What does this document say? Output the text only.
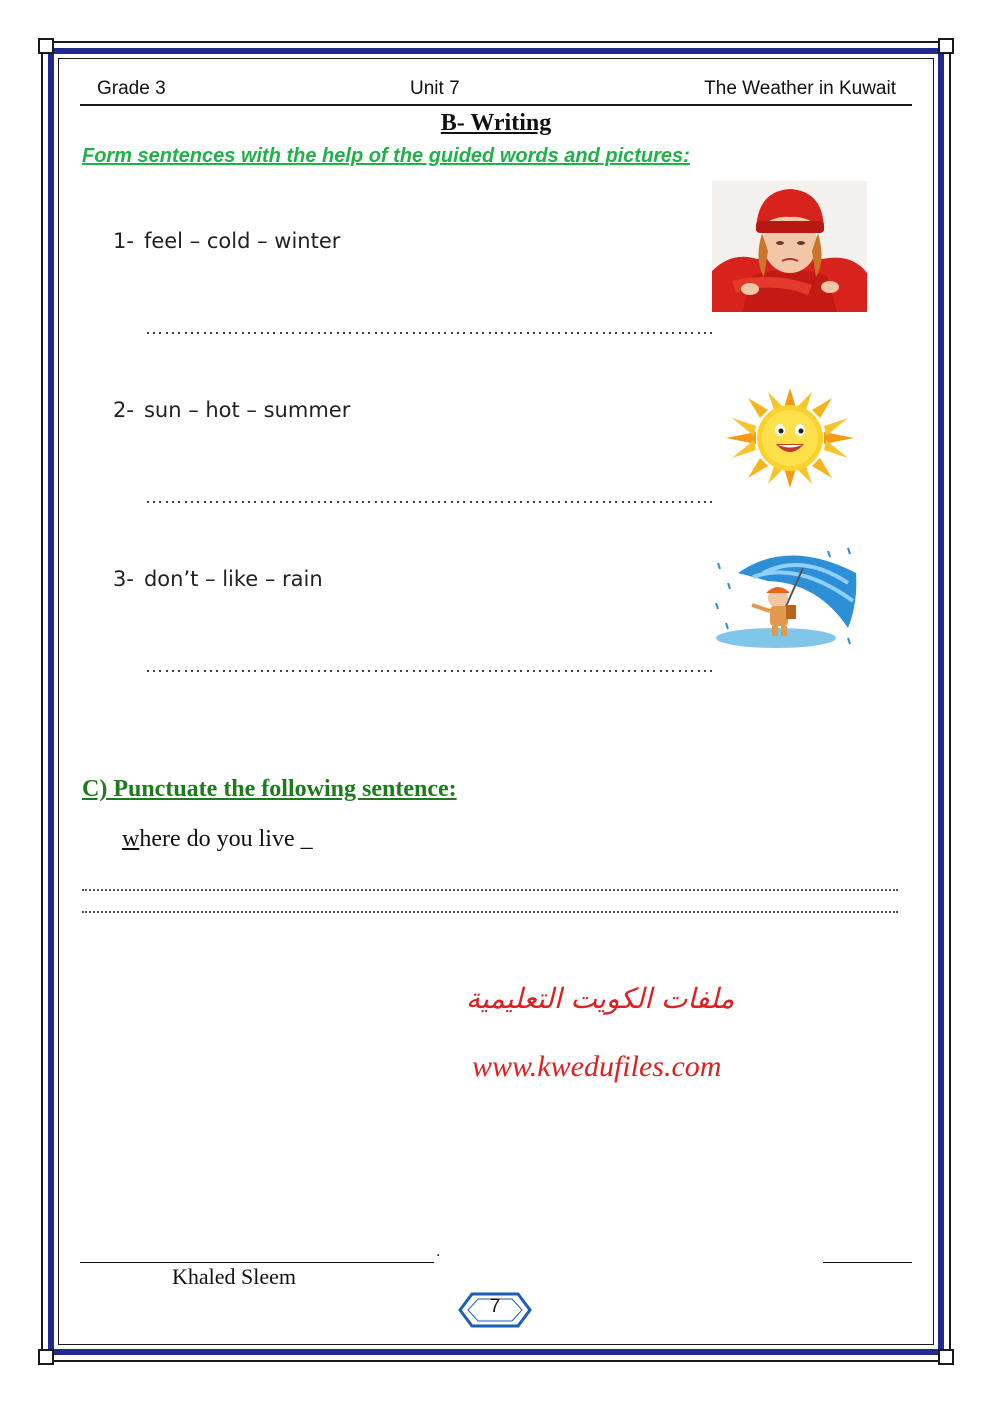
Grade 3	Unit 7	The Weather in Kuwait
B- Writing
Form sentences with the help of the guided words and pictures:
1- feel – cold – winter
………………………………………………………………………………
2- sun – hot – summer
………………………………………………………………………………
3- don’t – like – rain
………………………………………………………………………………
C) Punctuate the following sentence:
where do you live _
ملفات الكويت التعليمية
www.kwedufiles.com
.
Khaled Sleem
7
